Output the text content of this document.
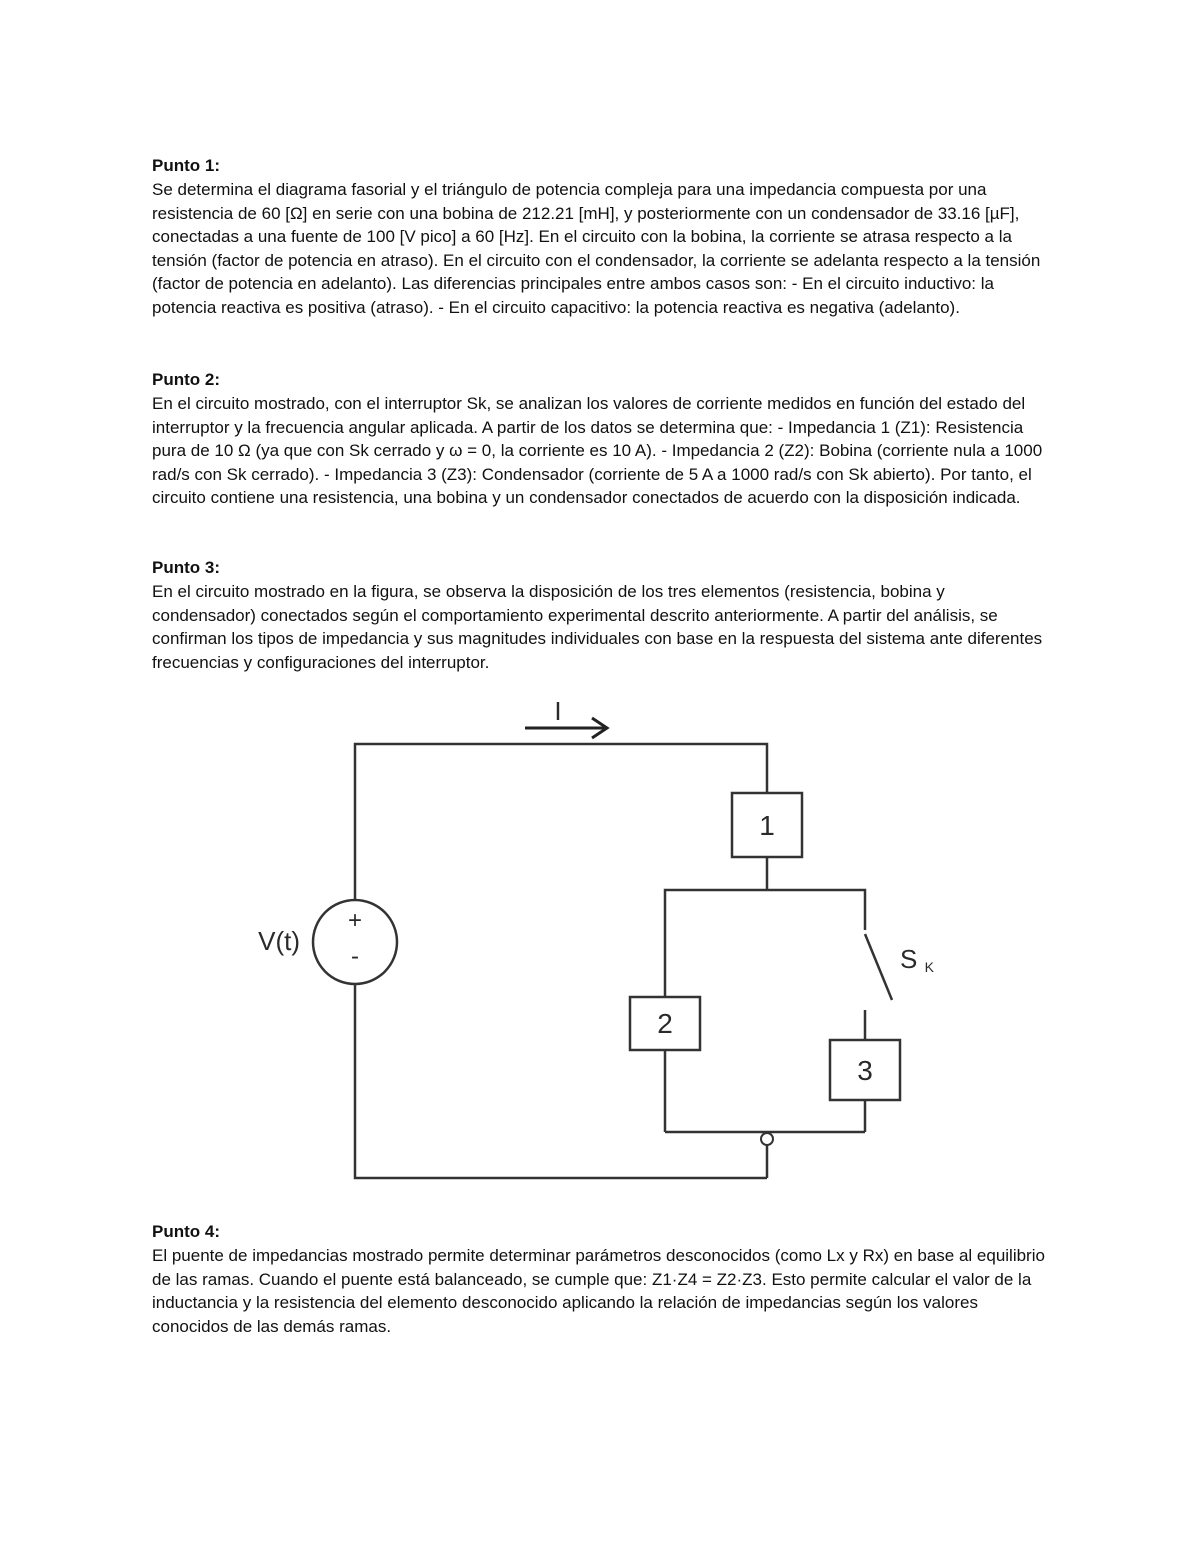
Punto 1:

Se determina el diagrama fasorial y el triángulo de potencia compleja para una impedancia compuesta por una resistencia de 60 [Ω] en serie con una bobina de 212.21 [mH], y posteriormente con un condensador de 33.16 [µF], conectadas a una fuente de 100 [V pico] a 60 [Hz]. En el circuito con la bobina, la corriente se atrasa respecto a la tensión (factor de potencia en atraso). En el circuito con el condensador, la corriente se adelanta respecto a la tensión (factor de potencia en adelanto). Las diferencias principales entre ambos casos son: - En el circuito inductivo: la potencia reactiva es positiva (atraso). - En el circuito capacitivo: la potencia reactiva es negativa (adelanto).

Punto 2:

En el circuito mostrado, con el interruptor Sk, se analizan los valores de corriente medidos en función del estado del interruptor y la frecuencia angular aplicada. A partir de los datos se determina que: - Impedancia 1 (Z1): Resistencia pura de 10 Ω (ya que con Sk cerrado y ω = 0, la corriente es 10 A). - Impedancia 2 (Z2): Bobina (corriente nula a 1000 rad/s con Sk cerrado). - Impedancia 3 (Z3): Condensador (corriente de 5 A a 1000 rad/s con Sk abierto). Por tanto, el circuito contiene una resistencia, una bobina y un condensador conectados de acuerdo con la disposición indicada.

Punto 3:

En el circuito mostrado en la figura, se observa la disposición de los tres elementos (resistencia, bobina y condensador) conectados según el comportamiento experimental descrito anteriormente. A partir del análisis, se confirman los tipos de impedancia y sus magnitudes individuales con base en la respuesta del sistema ante diferentes frecuencias y configuraciones del interruptor.

I
+
-
V(t)
1
2
3
S K

Punto 4:

El puente de impedancias mostrado permite determinar parámetros desconocidos (como Lx y Rx) en base al equilibrio de las ramas. Cuando el puente está balanceado, se cumple que: Z1·Z4 = Z2·Z3. Esto permite calcular el valor de la inductancia y la resistencia del elemento desconocido aplicando la relación de impedancias según los valores conocidos de las demás ramas.
